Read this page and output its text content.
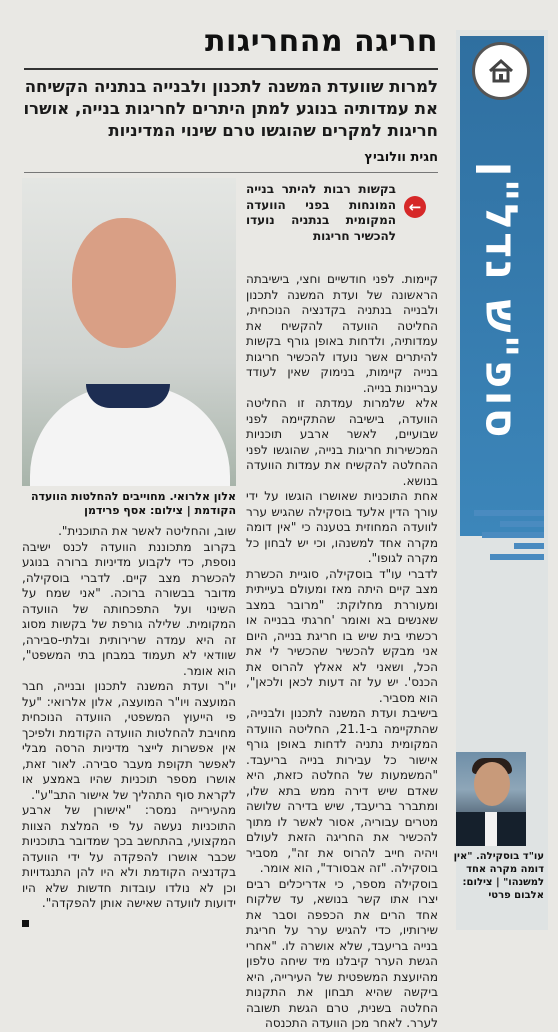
סופ"ש נדל"ן

עו"ד בוסקילה. "אין דומה מקרה אחד למשנהו" | צילום: אלבום פרטי

חריגה מהחריגות

למרות שוועדת המשנה לתכנון ולבנייה בנתניה הקשיחה את עמדותיה בנוגע למתן היתרים לחריגות בנייה, אושרו חריגות למקרים שהוגשו טרם שינוי המדיניות

חגית וולוביץ

אלון אלרואי. מחוייבים להחלטות הוועדה הקודמת | צילום: אסף פרידמן

←

בקשות רבות להיתר בנייה המונחות בפני הוועדה המקומית בנתניה נועדו להכשיר חריגות

קיימות. לפני חודשיים וחצי, בישיבתה הראשונה של ועדת המשנה לתכנון ולבנייה בנתניה בקדנציה הנוכחית, החליטה הוועדה להקשיח את עמדותיה, ולדחות באופן גורף בקשות להיתרים אשר נועדו להכשיר חריגות בנייה קיימות, בנימוק שאין לעודד עבריינות בנייה.
אלא שלמרות עמדתה זו החליטה הוועדה, בישיבה שהתקיימה לפני שבועיים, לאשר ארבע תוכניות המכשירות חריגות בנייה, שהוגשו לפני ההחלטה להקשיח את עמדות הוועדה בנושא.
אחת התוכניות שאושרו הוגשו על ידי עורך הדין אלעד בוסקילה שהגיש ערר לוועדה המחוזית בטענה כי "אין דומה מקרה אחד למשנהו, וכי יש לבחון כל מקרה לגופו".
לדברי עו"ד בוסקילה, סוגיית הכשרת מצב קיים היתה מאז ומעולם בעייתית ומעוררת מחלוקת: "מרובר במצב שאנשים בא ואומר 'חרגתי בבנייה או רכשתי בית שיש בו חריגת בנייה, היום אני מבקש להכשיר שהכשיר לי את הכל, ושאני לא אאלץ להרוס את הכנס'. יש על זה דעות לכאן ולכאן", הוא מסביר.
בישיבת ועדת המשנה לתכנון ולבנייה, שהתקיימה ב-21.1, החליטה הוועדה המקומית נתניה לדחות באופן גורף אישור כל עבירות בנייה בריעבד. "המשמעות של החלטה כזאת, היא שאדם שיש דירה ממש בתא שלו, ומתברר בריעבד, שיש בדירה שלושה מטרים עבוריה, אסור לאשר לו מתוך להכשיר את החריגה הזאת לעולם ויהיה חייב להרוס את זה", מסביר בוסקילה. "זה אבסורד", הוא אומר.
בוסקילה מספר, כי אדריכלים רבים יצרו אתו קשר בנושא, עד שלקוח אחד הרים את הכפפה וסבר את שירותיו, כדי להגיש ערר על חריגת בנייה בריעבד, שלא אושרה לו. "אחרי הגשת הערר קיבלנו מיד שיחה טלפון מהיועצת המשפטית של העירייה, היא ביקשה שהיא תבחון את התקנות החלטה בשנית, טרם הגשת תשובה לערר. לאחר מכן הוועדה התכנסה

שוב, והחליטה לאשר את התוכנית".
בקרוב מתכוננת הוועדה לכנס ישיבה נוספת, כדי לקבוע מדיניות ברורה בנוגע להכשרת מצב קיים. לדברי בוסקילה, מדובר בבשורה ברוכה. "אני שמח על השינוי ועל התפכחותה של הוועדה המקומית. שלילה גורפת של בקשות מסוג זה היא עמדה שרירותית ובלתי-סבירה, שוודאי לא תעמוד במבחן בתי המשפט", הוא אומר.
יו"ר ועדת המשנה לתכנון ובנייה, חבר המועצה ויו"ר המועצה, אלון אלרואי: "על פי הייעוץ המשפטי, הוועדה הנוכחית מחויבת להחלטות הוועדה הקודמת ולפיכך אין אפשרות לייצר מדיניות הרסה מבלי לאפשר תקופת מעבר סבירה. לאור זאת, אושרו מספר תוכניות שהיו באמצע או לקראת סוף התהליך של אישור התב"ע".
מהעירייה נמסר: "אישורן של ארבע התוכניות נעשה על פי המלצת הצוות המקצועי, בהתחשב בכך שמדובר בתוכניות שכבר אושרו להפקדה על ידי הוועדה בקדנציה הקודמת ולא היו להן התנגדויות וכן לא נולדו עובדות חדשות שלא היו ידועות לוועדה שאישה אותן להפקדה".
